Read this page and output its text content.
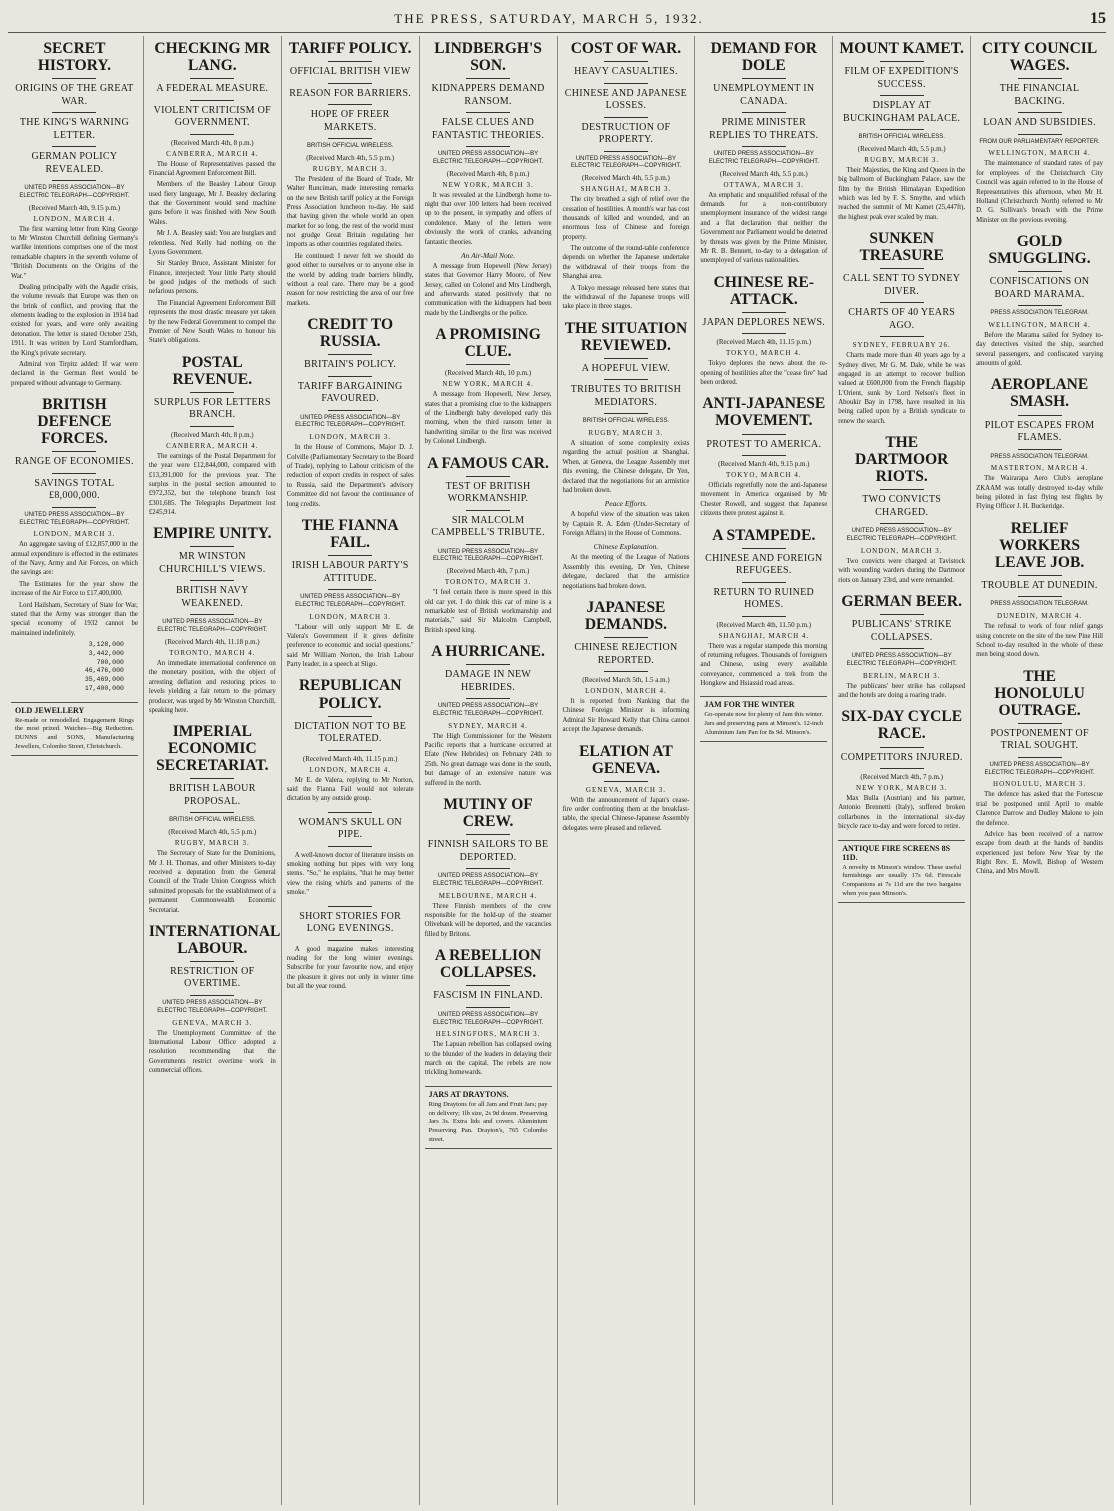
THE PRESS, SATURDAY, MARCH 5, 1932.	15
SECRET HISTORY.
ORIGINS OF THE GREAT WAR.
THE KING'S WARNING LETTER.
GERMAN POLICY REVEALED.
UNITED PRESS ASSOCIATION—BY ELECTRIC TELEGRAPH—COPYRIGHT.
(Received March 4th, 9.15 p.m.)
LONDON, MARCH 4.

The first warning letter from King George to Mr Winston Churchill defining Germany's warlike intentions comprises one of the most remarkable chapters in the seventh volume of "British Documents on the Origins of the War."

Dealing principally with the Agadir crisis, the volume reveals that Europe was then on the brink of conflict, and proving that the elements leading to the explosion in 1914 had existed for years, and were only awaiting detonation. The letter is stated October 25th, 1911. It was written by Lord Stamfordham, the King's private secretary.

Admiral von Tirpitz added: If war were declared in the German fleet would be prepared without advantage to Germany.

BRITISH DEFENCE FORCES.
RANGE OF ECONOMIES.
SAVINGS TOTAL £8,000,000.
UNITED PRESS ASSOCIATION—BY ELECTRIC TELEGRAPH—COPYRIGHT.
LONDON, MARCH 3.

An aggregate saving of £12,857,000 in the annual expenditure is effected in the estimates of the Navy, Army and Air Forces, on which the savings are:

The Estimates for the year show the increase of the Air Force to £17,400,000.

Lord Hailsham, Secretary of State for War, stated that the Army was stronger than the special economy of 1932 cannot be maintained indefinitely.

3,128,000
3,442,000
700,000
46,476,000
35,469,000
17,400,000
OLD JEWELLERY

Re-made or remodelled. Engagement Rings the most prized. Watches—Big Reduction. DUNNS and SONS, Manufacturing Jewellers, Colombo Street, Christchurch.

CHECKING MR LANG.
A FEDERAL MEASURE.
VIOLENT CRITICISM OF GOVERNMENT.
(Received March 4th, 8 p.m.)
CANBERRA, MARCH 4.

The House of Representatives passed the Financial Agreement Enforcement Bill.

Members of the Beasley Labour Group used fiery language, Mr J. Beasley declaring that the Government would send machine guns before it was finished with New South Wales.

Mr J. A. Beasley said: You are burglars and relentless. Ned Kelly had nothing on the Lyons Government.

Sir Stanley Bruce, Assistant Minister for Finance, interjected: Your little Party should be good judges of the methods of such nefarious persons.

The Financial Agreement Enforcement Bill represents the most drastic measure yet taken by the new Federal Government to compel the Premier of New South Wales to honour his State's obligations.

POSTAL REVENUE.
SURPLUS FOR LETTERS BRANCH.
(Received March 4th, 8 p.m.)
CANBERRA, MARCH 4.

The earnings of the Postal Department for the year were £12,844,000, compared with £13,391,000 for the previous year. The surplus in the postal section amounted to £972,352, but the telephone branch lost £301,685. The Telegraphs Department lost £245,914.

EMPIRE UNITY.
MR WINSTON CHURCHILL'S VIEWS.
BRITISH NAVY WEAKENED.
UNITED PRESS ASSOCIATION—BY ELECTRIC TELEGRAPH—COPYRIGHT.
(Received March 4th, 11.18 p.m.)
TORONTO, MARCH 4.

An immediate international conference on the monetary position, with the object of arresting deflation and restoring prices to levels yielding a fair return to the primary producer, was urged by Mr Winston Churchill, speaking here.

IMPERIAL ECONOMIC SECRETARIAT.
BRITISH LABOUR PROPOSAL.
BRITISH OFFICIAL WIRELESS.
(Received March 4th, 5.5 p.m.)
RUGBY, MARCH 3.

The Secretary of State for the Dominions, Mr J. H. Thomas, and other Ministers to-day received a deputation from the General Council of the Trade Union Congress which submitted proposals for the establishment of a permanent Commonwealth Economic Secretariat.

INTERNATIONAL LABOUR.
RESTRICTION OF OVERTIME.
UNITED PRESS ASSOCIATION—BY ELECTRIC TELEGRAPH—COPYRIGHT.
GENEVA, MARCH 3.

The Unemployment Committee of the International Labour Office adopted a resolution recommending that the Governments restrict overtime work in commercial offices.

TARIFF POLICY.
OFFICIAL BRITISH VIEW
REASON FOR BARRIERS.
HOPE OF FREER MARKETS.
BRITISH OFFICIAL WIRELESS.
(Received March 4th, 5.5 p.m.)
RUGBY, MARCH 3.

The President of the Board of Trade, Mr Walter Runciman, made interesting remarks on the new British tariff policy at the Foreign Press Association luncheon to-day. He said that having given the whole world an open market for so long, the rest of the world must not grudge Great Britain regulating her imports as other countries regulated theirs.

He continued: I never felt we should do good either to ourselves or to anyone else in the world by adding trade barriers blindly, without a real care. There may be a good reason for now restricting the area of our free markets.

CREDIT TO RUSSIA.
BRITAIN'S POLICY.
TARIFF BARGAINING FAVOURED.
UNITED PRESS ASSOCIATION—BY ELECTRIC TELEGRAPH—COPYRIGHT.
LONDON, MARCH 3.

In the House of Commons, Major D. J. Colville (Parliamentary Secretary to the Board of Trade), replying to Labour criticism of the reduction of export credits in respect of sales to Russia, said the Department's advisory Committee did not favour the continuance of long credits.

THE FIANNA FAIL.
IRISH LABOUR PARTY'S ATTITUDE.
UNITED PRESS ASSOCIATION—BY ELECTRIC TELEGRAPH—COPYRIGHT.
LONDON, MARCH 3.

"Labour will only support Mr E. de Valera's Government if it gives definite preference to economic and social questions," said Mr William Norton, the Irish Labour Party leader, in a speech at Sligo.

REPUBLICAN POLICY.
DICTATION NOT TO BE TOLERATED.
(Received March 4th, 11.15 p.m.)
LONDON, MARCH 4.

Mr E. de Valera, replying to Mr Norton, said the Fianna Fail would not tolerate dictation by any outside group.

WOMAN'S SKULL ON PIPE.

A well-known doctor of literature insists on smoking nothing but pipes with very long stems. "So," he explains, "that he may better view the rising whirls and patterns of the smoke."

SHORT STORIES FOR LONG EVENINGS.

A good magazine makes interesting reading for the long winter evenings. Subscribe for your favourite now, and enjoy the pleasure it gives not only in winter time but all the year round.

LINDBERGH'S SON.
KIDNAPPERS DEMAND RANSOM.
FALSE CLUES AND FANTASTIC THEORIES.
UNITED PRESS ASSOCIATION—BY ELECTRIC TELEGRAPH—COPYRIGHT.
(Received March 4th, 8 p.m.)
NEW YORK, MARCH 3.

It was revealed at the Lindbergh home to-night that over 100 letters had been received up to the present, in sympathy and offers of condolence. Many of the letters were obviously the work of cranks, advancing fantastic theories.

An Air-Mail Note.

A message from Hopewell (New Jersey) states that Governor Harry Moore, of New Jersey, called on Colonel and Mrs Lindbergh, and afterwards stated positively that no communication with the kidnappers had been made by the Lindberghs or the police.

A PROMISING CLUE.
(Received March 4th, 10 p.m.)
NEW YORK, MARCH 4.

A message from Hopewell, New Jersey, states that a promising clue to the kidnappers of the Lindbergh baby developed early this morning, when the third ransom letter in handwriting similar to the first was received by Colonel Lindbergh.

A FAMOUS CAR.
TEST OF BRITISH WORKMANSHIP.
SIR MALCOLM CAMPBELL'S TRIBUTE.
UNITED PRESS ASSOCIATION—BY ELECTRIC TELEGRAPH—COPYRIGHT.
(Received March 4th, 7 p.m.)
TORONTO, MARCH 3.

"I feel certain there is more speed in this old car yet. I do think this car of mine is a remarkable test of British workmanship and materials," said Sir Malcolm Campbell, British speed king.

A HURRICANE.
DAMAGE IN NEW HEBRIDES.
UNITED PRESS ASSOCIATION—BY ELECTRIC TELEGRAPH—COPYRIGHT.
SYDNEY, MARCH 4.

The High Commissioner for the Western Pacific reports that a hurricane occurred at Efate (New Hebrides) on February 24th to 25th. No great damage was done in the south, but damage of an extensive nature was suffered in the north.

MUTINY OF CREW.
FINNISH SAILORS TO BE DEPORTED.
UNITED PRESS ASSOCIATION—BY ELECTRIC TELEGRAPH—COPYRIGHT.
MELBOURNE, MARCH 4.

Three Finnish members of the crew responsible for the hold-up of the steamer Olivebank will be deported, and the vacancies filled by Britons.

A REBELLION COLLAPSES.
FASCISM IN FINLAND.
UNITED PRESS ASSOCIATION—BY ELECTRIC TELEGRAPH—COPYRIGHT.
HELSINGFORS, MARCH 3.

The Lapuan rebellion has collapsed owing to the blunder of the leaders in delaying their march on the capital. The rebels are now trickling homewards.

JARS AT DRAYTONS.

Ring Draytons for all Jam and Fruit Jars; pay on delivery; 1lb size, 2s 9d dozen. Preserving Jars 3s. Extra lids and covers. Aluminium Preserving Pan. Drayton's, 765 Colombo street.

COST OF WAR.
HEAVY CASUALTIES.
CHINESE AND JAPANESE LOSSES.
DESTRUCTION OF PROPERTY.
UNITED PRESS ASSOCIATION—BY ELECTRIC TELEGRAPH—COPYRIGHT.
(Received March 4th, 5.5 p.m.)
SHANGHAI, MARCH 3.

The city breathed a sigh of relief over the cessation of hostilities. A month's war has cost thousands of killed and wounded, and an enormous loss of Chinese and foreign property.

The outcome of the round-table conference depends on whether the Japanese undertake the withdrawal of their troops from the Shanghai area.

A Tokyo message released here states that the withdrawal of the Japanese troops will take place in three stages.

THE SITUATION REVIEWED.
A HOPEFUL VIEW.
TRIBUTES TO BRITISH MEDIATORS.
BRITISH OFFICIAL WIRELESS.
RUGBY, MARCH 3.

A situation of some complexity exists regarding the actual position at Shanghai. When, at Geneva, the League Assembly met this evening, the Chinese delegate, Dr Yen, declared that the negotiations for an armistice had broken down.

Peace Efforts.

A hopeful view of the situation was taken by Captain R. A. Eden (Under-Secretary of Foreign Affairs) in the House of Commons.

Chinese Explanation.

At the meeting of the League of Nations Assembly this evening, Dr Yen, Chinese delegate, declared that the armistice negotiations had broken down.

JAPANESE DEMANDS.
CHINESE REJECTION REPORTED.
(Received March 5th, 1.5 a.m.)
LONDON, MARCH 4.

It is reported from Nanking that the Chinese Foreign Minister is informing Admiral Sir Howard Kelly that China cannot accept the Japanese demands.

ELATION AT GENEVA.
GENEVA, MARCH 3.

With the announcement of Japan's cease-fire order confronting them at the breakfast-table, the special Chinese-Japanese Assembly delegates were pleased and relieved.

DEMAND FOR DOLE
UNEMPLOYMENT IN CANADA.
PRIME MINISTER REPLIES TO THREATS.
UNITED PRESS ASSOCIATION—BY ELECTRIC TELEGRAPH—COPYRIGHT.
(Received March 4th, 5.5 p.m.)
OTTAWA, MARCH 3.

An emphatic and unqualified refusal of the demands for a non-contributory unemployment insurance of the widest range and a flat declaration that neither the Government nor Parliament would be deterred by threats was given by the Prime Minister, Mr R. B. Bennett, to-day to a delegation of unemployed of various nationalities.

CHINESE RE-ATTACK.
JAPAN DEPLORES NEWS.
(Received March 4th, 11.15 p.m.)
TOKYO, MARCH 4.

Tokyo deplores the news about the re-opening of hostilities after the "cease fire" had been ordered.

ANTI-JAPANESE MOVEMENT.
PROTEST TO AMERICA.
(Received March 4th, 9.15 p.m.)
TOKYO, MARCH 4.

Officials regretfully note the anti-Japanese movement in America organised by Mr Chester Rowell, and suggest that Japanese citizens there protest against it.

A STAMPEDE.
CHINESE AND FOREIGN REFUGEES.
RETURN TO RUINED HOMES.
(Received March 4th, 11.50 p.m.)
SHANGHAI, MARCH 4.

There was a regular stampede this morning of returning refugees. Thousands of foreigners and Chinese, using every available conveyance, commenced a trek from the Hongkew and Hsiassid road areas.

JAM FOR THE WINTER

Go-operate now for plenty of Jam this winter. Jars and preserving pans at Minson's. 12-inch Aluminium Jam Pan for 8s 9d. Minson's.

MOUNT KAMET.
FILM OF EXPEDITION'S SUCCESS.
DISPLAY AT BUCKINGHAM PALACE.
BRITISH OFFICIAL WIRELESS.
(Received March 4th, 5.5 p.m.)
RUGBY, MARCH 3.

Their Majesties, the King and Queen in the big ballroom of Buckingham Palace, saw the film by the British Himalayan Expedition which was led by F. S. Smythe, and which reached the summit of Mt Kamet (25,447ft), the highest peak ever scaled by man.

SUNKEN TREASURE
CALL SENT TO SYDNEY DIVER.
CHARTS OF 40 YEARS AGO.
SYDNEY, FEBRUARY 26.

Charts made more than 40 years ago by a Sydney diver, Mr G. M. Dale, while he was engaged in an attempt to recover bullion valued at £600,000 from the French flagship L'Orient, sunk by Lord Nelson's fleet in Aboukir Bay in 1798, have resulted in his being called upon by a British syndicate to renew the search.

THE DARTMOOR RIOTS.
TWO CONVICTS CHARGED.
UNITED PRESS ASSOCIATION—BY ELECTRIC TELEGRAPH—COPYRIGHT.
LONDON, MARCH 3.

Two convicts were charged at Tavistock with wounding warders during the Dartmoor riots on January 23rd, and were remanded.

GERMAN BEER.
PUBLICANS' STRIKE COLLAPSES.
UNITED PRESS ASSOCIATION—BY ELECTRIC TELEGRAPH—COPYRIGHT.
BERLIN, MARCH 3.

The publicans' beer strike has collapsed and the hotels are doing a roaring trade.

SIX-DAY CYCLE RACE.
COMPETITORS INJURED.
(Received March 4th, 7 p.m.)
NEW YORK, MARCH 3.

Max Bulla (Austrian) and his partner, Antonio Brennetti (Italy), suffered broken collarbones in the international six-day bicycle race to-day and were forced to retire.

ANTIQUE FIRE SCREENS 8S 11D.

A novelty in Minson's window. These useful furnishings are usually 17s 6d. Firescale Companions at 7s 11d are the two bargains when you pass Minson's.

CITY COUNCIL WAGES.
THE FINANCIAL BACKING.
LOAN AND SUBSIDIES.
FROM OUR PARLIAMENTARY REPORTER.
WELLINGTON, MARCH 4.

The maintenance of standard rates of pay for employees of the Christchurch City Council was again referred to in the House of Representatives this afternoon, when Mr H. Holland (Christchurch North) referred to Mr D. G. Sullivan's breach with the Prime Minister on the previous evening.

GOLD SMUGGLING.
CONFISCATIONS ON BOARD MARAMA.
PRESS ASSOCIATION TELEGRAM.
WELLINGTON, MARCH 4.

Before the Marama sailed for Sydney to-day detectives visited the ship, searched several passengers, and confiscated varying amounts of gold.

AEROPLANE SMASH.
PILOT ESCAPES FROM FLAMES.
PRESS ASSOCIATION TELEGRAM.
MASTERTON, MARCH 4.

The Wairarapa Aero Club's aeroplane ZKAAM was totally destroyed to-day while being piloted in fast flying test flights by Flying Officer J. H. Buckeridge.

RELIEF WORKERS LEAVE JOB.
TROUBLE AT DUNEDIN.
PRESS ASSOCIATION TELEGRAM.
DUNEDIN, MARCH 4.

The refusal to work of four relief gangs using concrete on the site of the new Pine Hill School to-day resulted in the whole of these men being stood down.

THE HONOLULU OUTRAGE.
POSTPONEMENT OF TRIAL SOUGHT.
UNITED PRESS ASSOCIATION—BY ELECTRIC TELEGRAPH—COPYRIGHT.
HONOLULU, MARCH 3.

The defence has asked that the Fortescue trial be postponed until April to enable Clarence Darrow and Dudley Malone to join the defence.

Advice has been received of a narrow escape from death at the hands of bandits experienced just before New Year by the Right Rev. E. Mowll, Bishop of Western China, and Mrs Mowll.
